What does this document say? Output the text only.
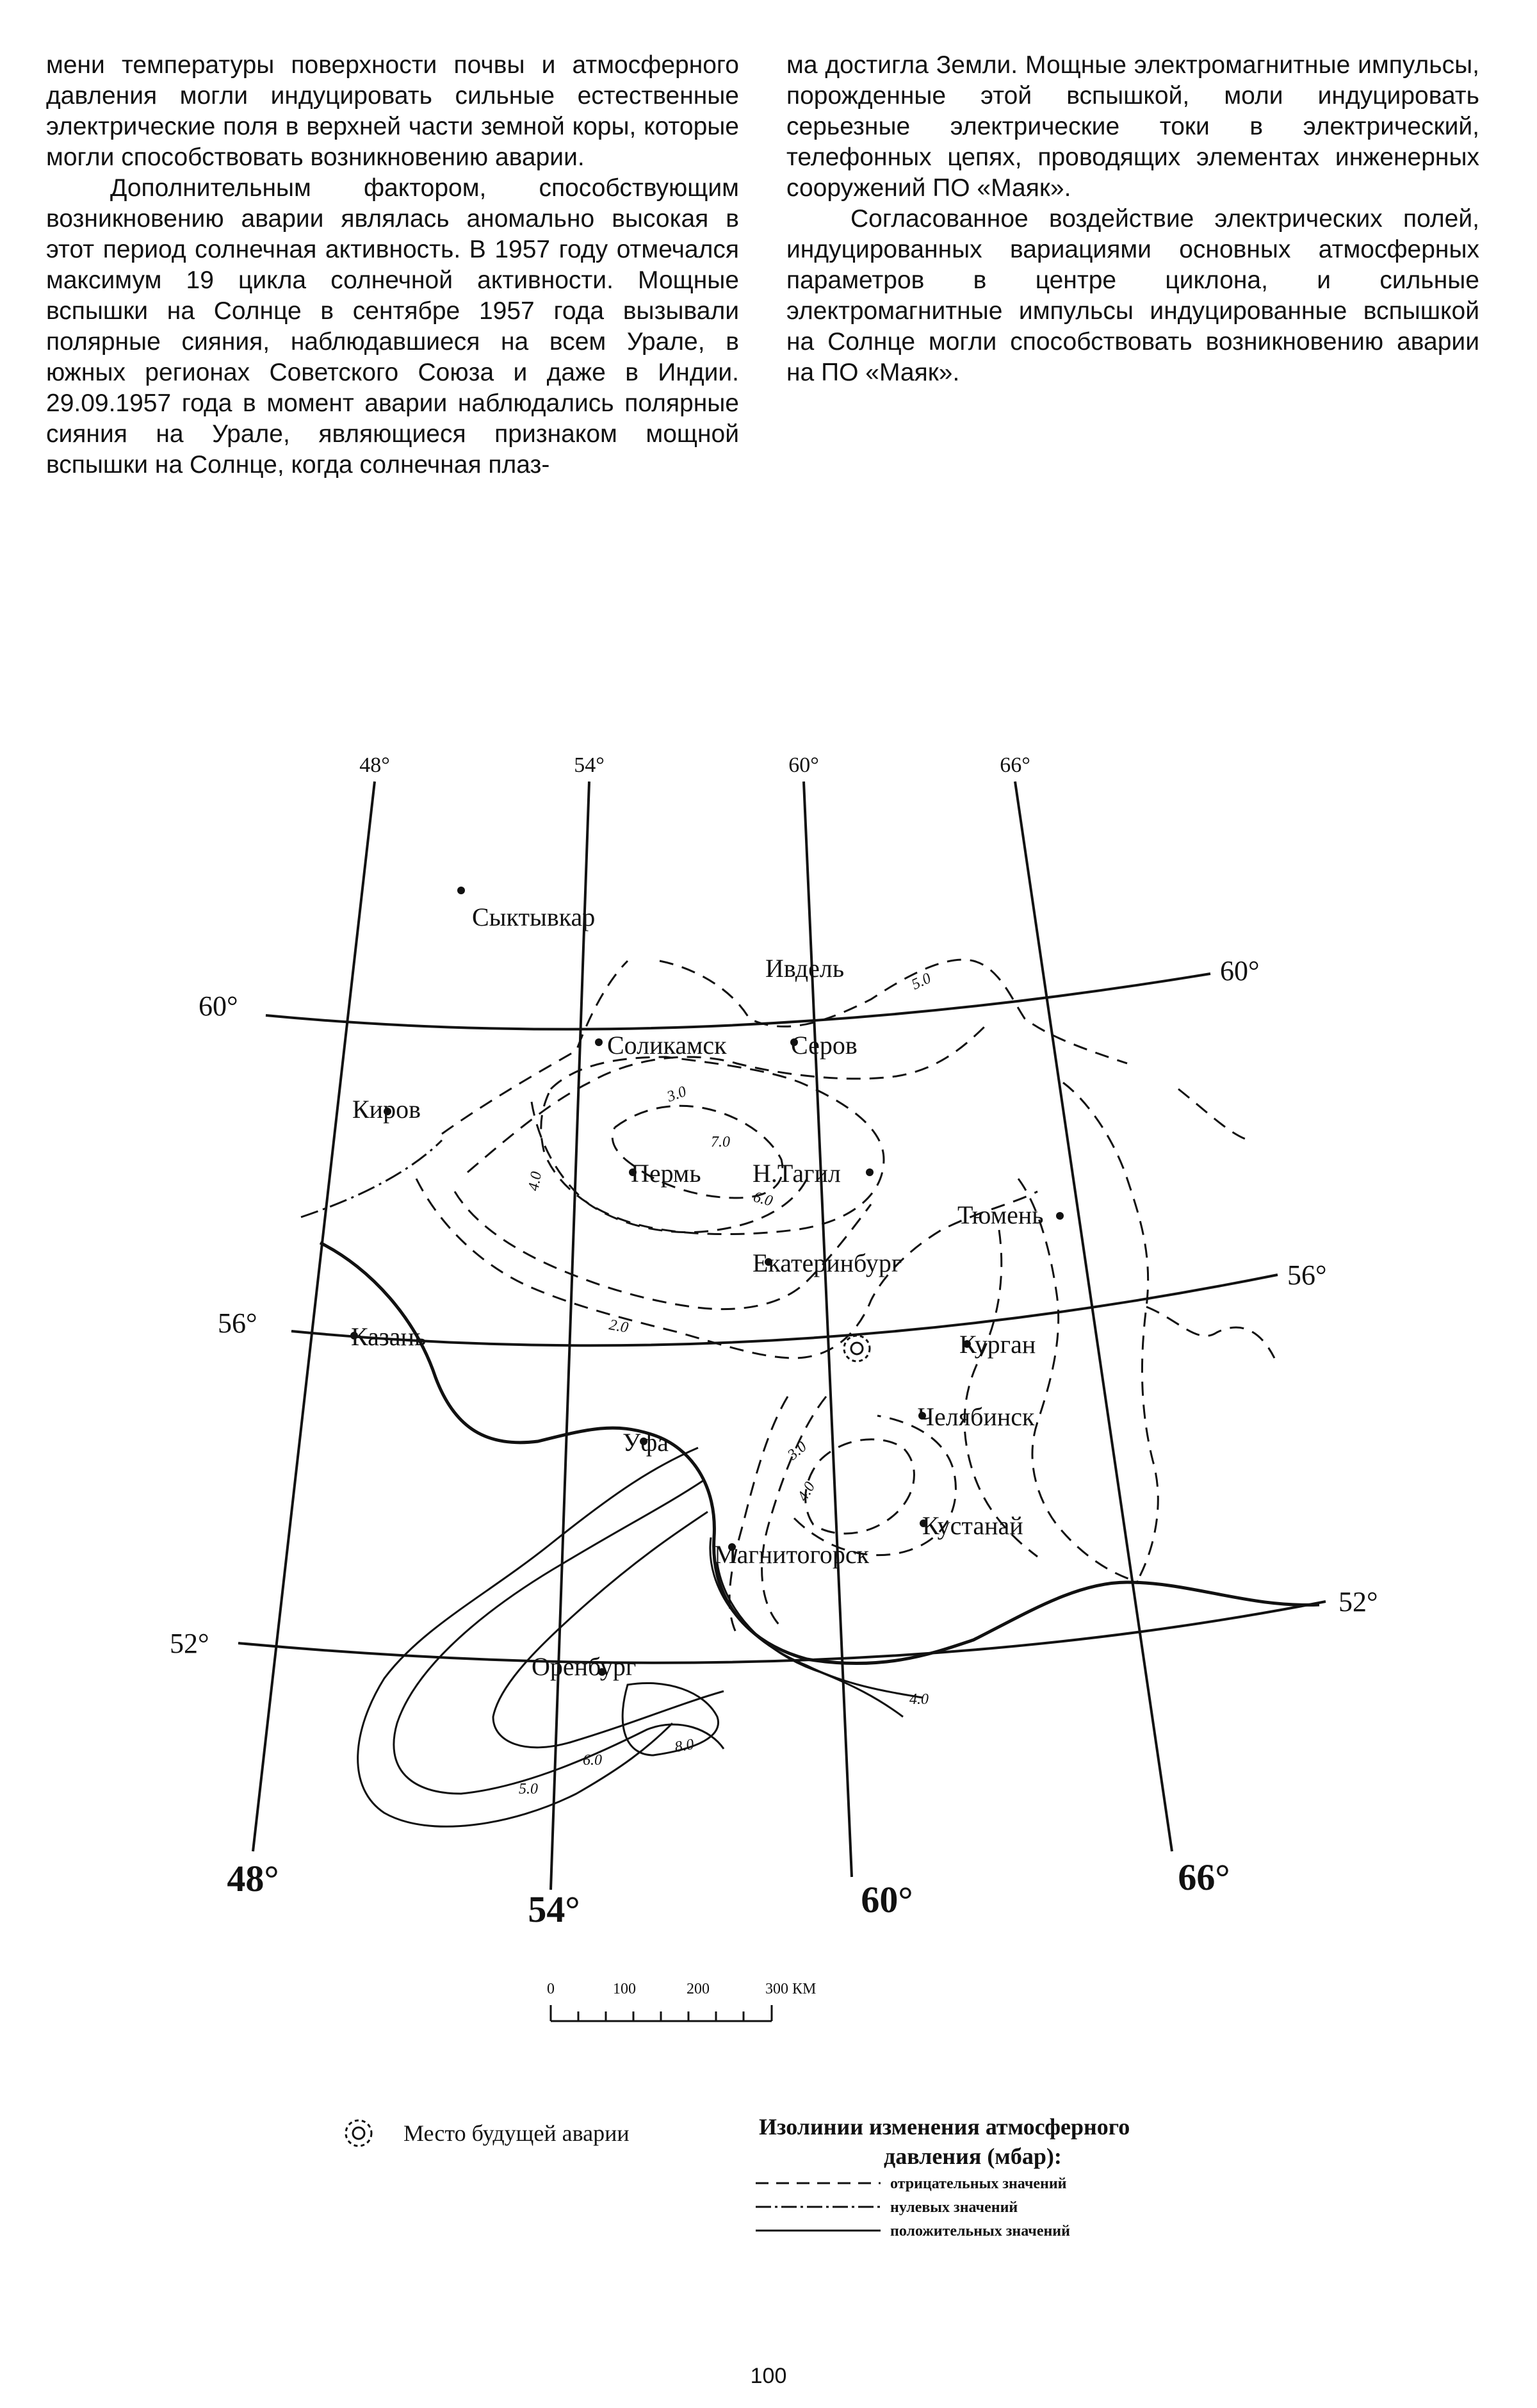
мени температуры поверхности почвы и атмосферного давления могли индуцировать сильные естественные электрические поля в верхней части земной коры, которые могли способствовать возникновению аварии.

Дополнительным фактором, способствующим возникновению аварии являлась аномально высокая в этот период солнечная активность. В 1957 году отмечался максимум 19 цикла солнечной активности. Мощные вспышки на Солнце в сентябре 1957 года вызывали полярные сияния, наблюдавшиеся на всем Урале, в южных регионах Советского Союза и даже в Индии. 29.09.1957 года в момент аварии наблюдались полярные сияния на Урале, являющиеся признаком мощной вспышки на Солнце, когда солнечная плаз-

ма достигла Земли. Мощные электромагнитные импульсы, порожденные этой вспышкой, моли индуцировать серьезные электрические токи в электрический, телефонных цепях, проводящих элементах инженерных сооружений ПО «Маяк».

Согласованное воздействие электрических полей, индуцированных вариациями основных атмосферных параметров в центре циклона, и сильные электромагнитные импульсы индуцированные вспышкой на Солнце могли способствовать возникновению аварии на ПО «Маяк».

48°	54°	60°	66°
48°
54°	60°
66°
60°
56°
52°
60°
56°
52°
Сыктывкар
Ивдель
Соликамск	Серов
Киров
Пермь Н.Тагил
Тюмень
Екатеринбург
Казань	Курган
Уфа
Челябинск
Магнитогорск
Кустанай
Оренбург
5.0
3.0
4.0
7.0
6.0
2.0
3.0
4.0
4.0
8.0
6.0
5.0
0	100	200	300 КМ
Место будущей аварии	Изолинии изменения атмосферного
давления (мбар):
отрицательных значений
нулевых значений
положительных значений
100
